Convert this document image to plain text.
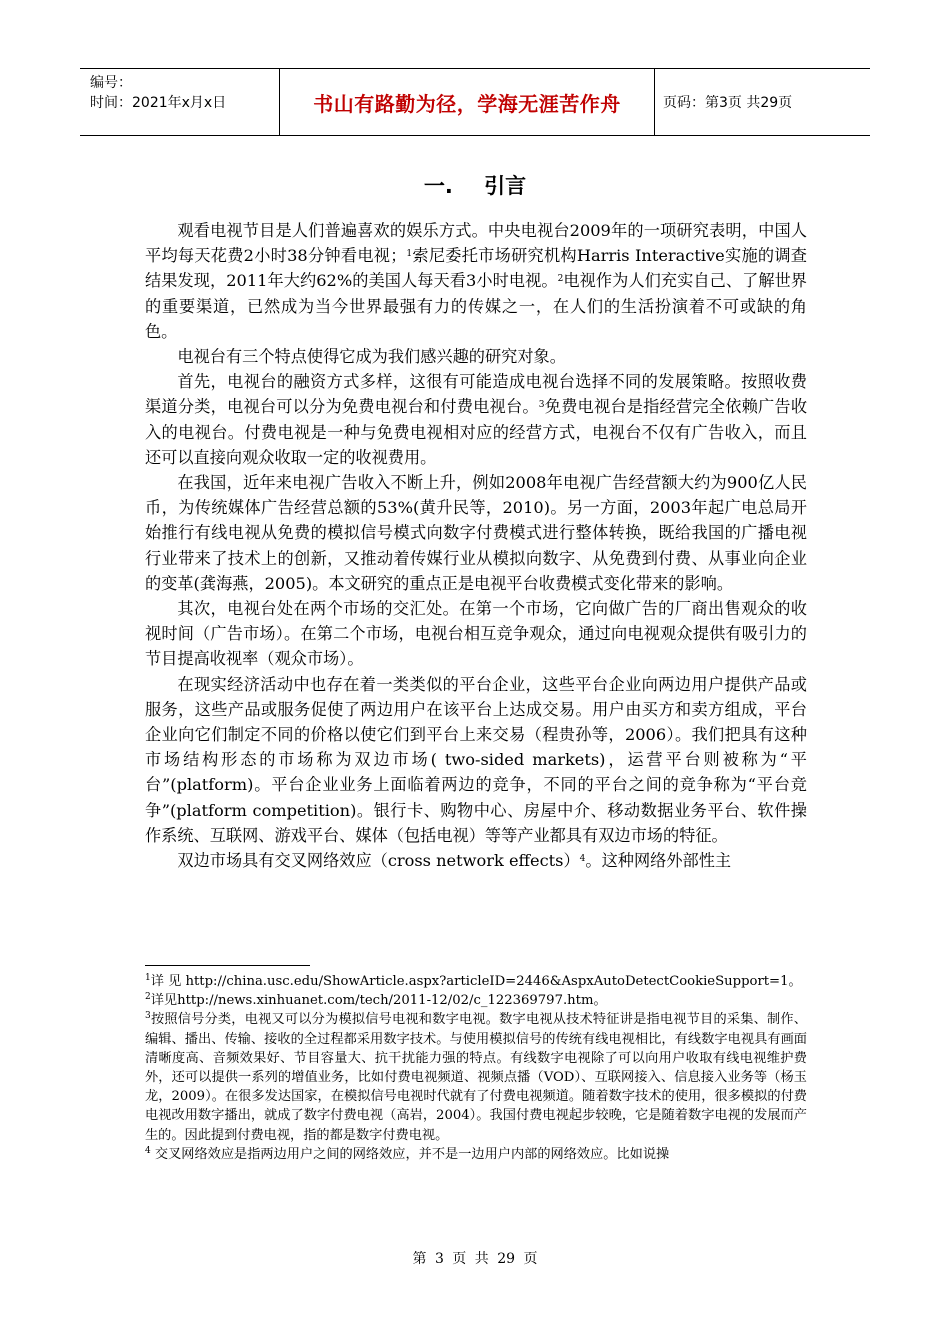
编号：
时间：2021年x月x日	书山有路勤为径，学海无涯苦作舟	页码：第3页 共29页
一. 引言

观看电视节目是人们普遍喜欢的娱乐方式。中央电视台2009年的一项研究表明，中国人平均每天花费2小时38分钟看电视；$^1$索尼委托市场研究机构Harris Interactive实施的调查结果发现，2011年大约62%的美国人每天看3小时电视。$^2$电视作为人们充实自己、了解世界的重要渠道，已然成为当今世界最强有力的传媒之一，在人们的生活扮演着不可或缺的角色。

电视台有三个特点使得它成为我们感兴趣的研究对象。

首先，电视台的融资方式多样，这很有可能造成电视台选择不同的发展策略。按照收费渠道分类，电视台可以分为免费电视台和付费电视台。$^3$免费电视台是指经营完全依赖广告收入的电视台。付费电视是一种与免费电视相对应的经营方式，电视台不仅有广告收入，而且还可以直接向观众收取一定的收视费用。

在我国，近年来电视广告收入不断上升，例如2008年电视广告经营额大约为900亿人民币，为传统媒体广告经营总额的53%(黄升民等，2010)。另一方面，2003年起广电总局开始推行有线电视从免费的模拟信号模式向数字付费模式进行整体转换，既给我国的广播电视行业带来了技术上的创新，又推动着传媒行业从模拟向数字、从免费到付费、从事业向企业的变革(龚海燕，2005)。本文研究的重点正是电视平台收费模式变化带来的影响。

其次，电视台处在两个市场的交汇处。在第一个市场，它向做广告的厂商出售观众的收视时间（广告市场）。在第二个市场，电视台相互竞争观众，通过向电视观众提供有吸引力的节目提高收视率（观众市场）。

在现实经济活动中也存在着一类类似的平台企业，这些平台企业向两边用户提供产品或服务，这些产品或服务促使了两边用户在该平台上达成交易。用户由买方和卖方组成，平台企业向它们制定不同的价格以使它们到平台上来交易（程贵孙等，2006）。我们把具有这种市场结构形态的市场称为双边市场( two-sided markets)，运营平台则被称为“平台”(platform)。平台企业业务上面临着两边的竞争，不同的平台之间的竞争称为“平台竞争”(platform competition)。银行卡、购物中心、房屋中介、移动数据业务平台、软件操作系统、互联网、游戏平台、媒体（包括电视）等等产业都具有双边市场的特征。

双边市场具有交叉网络效应（cross network effects）$^4$。这种网络外部性主

$^1$详 见 http://china.usc.edu/ShowArticle.aspx?articleID=2446&AspxAutoDetectCookieSupport=1。

$^2$详见http://news.xinhuanet.com/tech/2011-12/02/c_122369797.htm。

$^3$按照信号分类，电视又可以分为模拟信号电视和数字电视。数字电视从技术特征讲是指电视节目的采集、制作、编辑、播出、传输、接收的全过程都采用数字技术。与使用模拟信号的传统有线电视相比，有线数字电视具有画面清晰度高、音频效果好、节目容量大、抗干扰能力强的特点。有线数字电视除了可以向用户收取有线电视维护费外，还可以提供一系列的增值业务，比如付费电视频道、视频点播（VOD）、互联网接入、信息接入业务等（杨玉龙，2009）。在很多发达国家，在模拟信号电视时代就有了付费电视频道。随着数字技术的使用，很多模拟的付费电视改用数字播出，就成了数字付费电视（高岩，2004）。我国付费电视起步较晚，它是随着数字电视的发展而产生的。因此提到付费电视，指的都是数字付费电视。

$^4$ 交叉网络效应是指两边用户之间的网络效应，并不是一边用户内部的网络效应。比如说操

第 3 页 共 29 页
